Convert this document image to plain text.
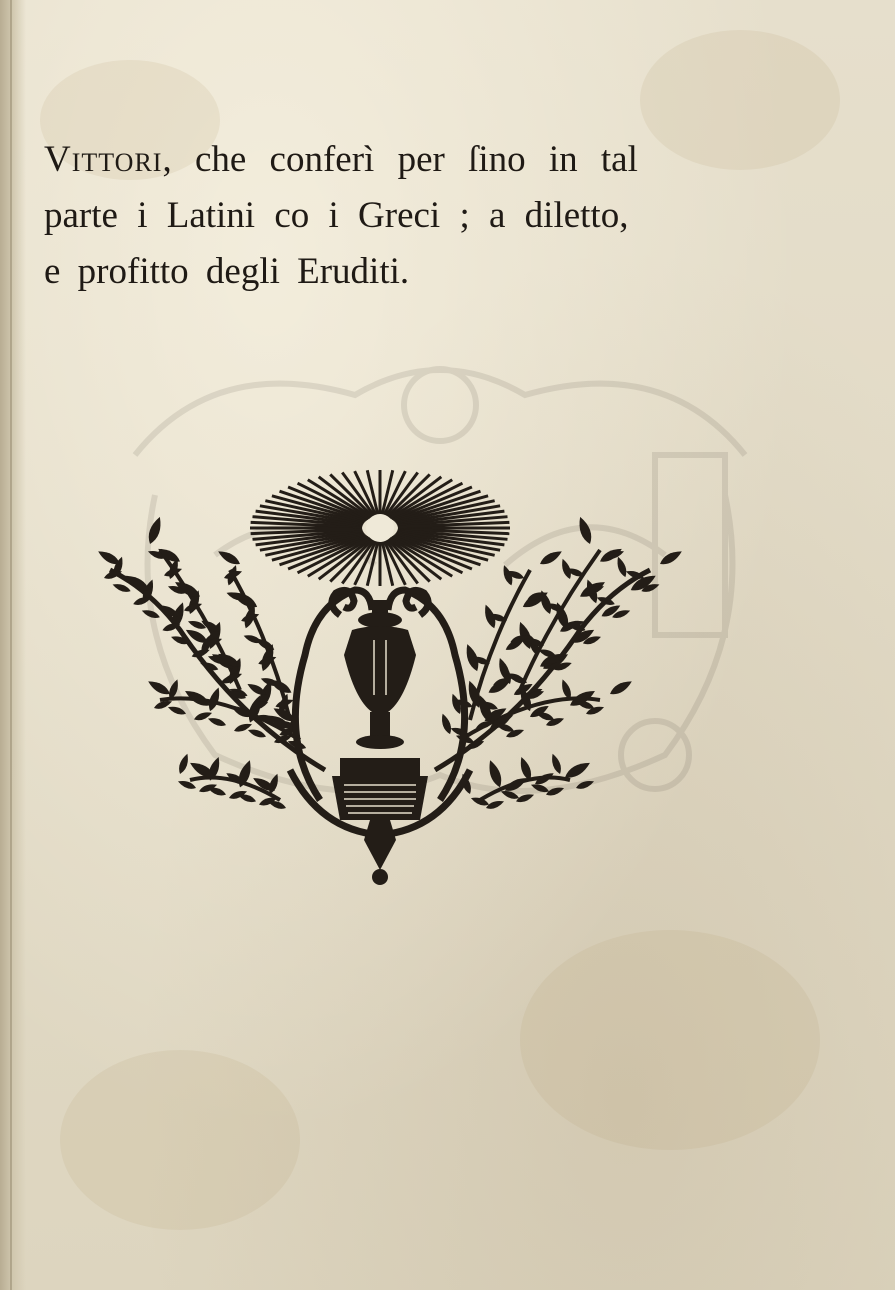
Vittori, che conferì per ſino in tal
parte i Latini co i Greci ; a diletto,
e profitto degli Eruditi.
